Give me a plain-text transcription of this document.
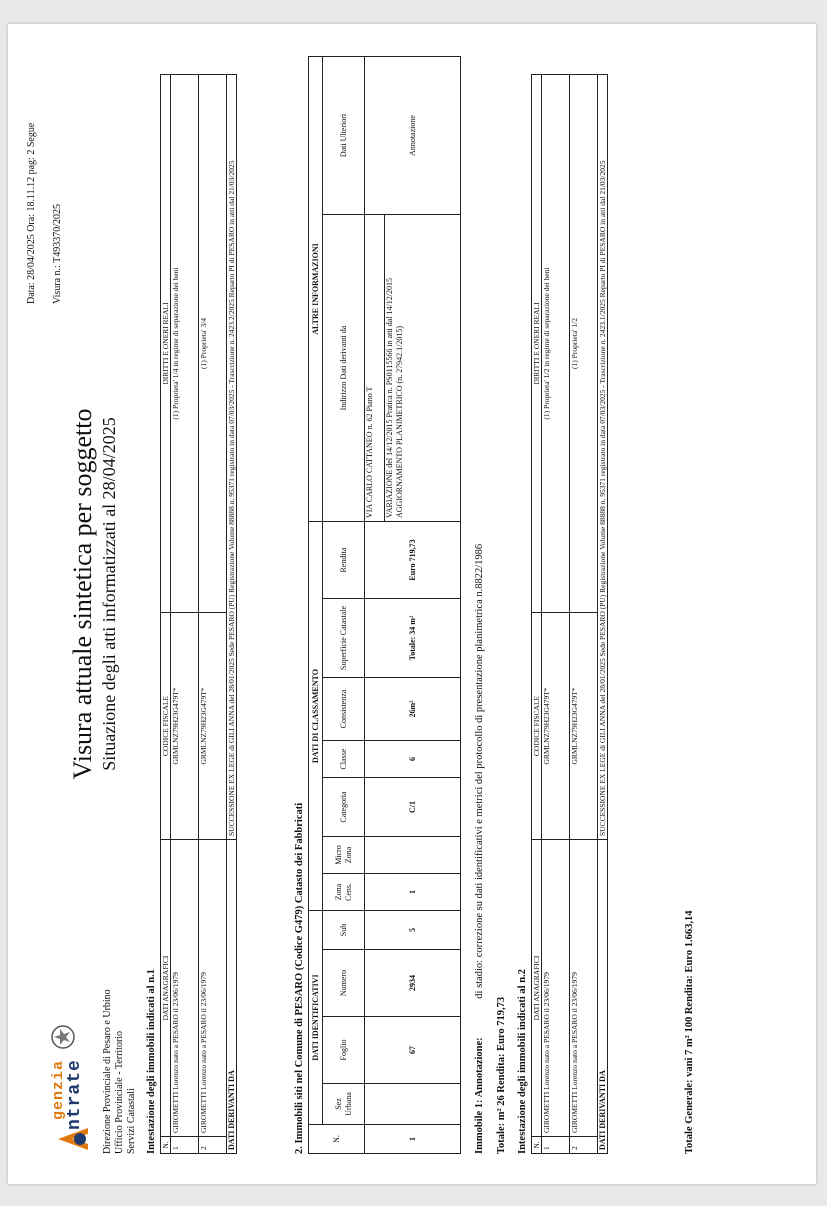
genzia
ntrate Direzione Provinciale di Pesaro e Urbino Ufficio Provinciale - Territorio Servizi Catastali
Visura attuale sintetica per soggetto Situazione degli atti informatizzati al 28/04/2025
Data: 28/04/2025 Ora: 18.11.12 pag: 2 Segue Visura n.: T493370/2025
Intestazione degli immobili indicati al n.1 N.	DATI ANAGRAFICI	CODICE FISCALE	DIRITTI E ONERI REALI
1	GIROMETTI Lorenzo nato a PESARO il 23/06/1979	GRMLNZ79H23G479T*	(1) Proprieta' 1/4 in regime di separazione dei beni
2	GIROMETTI Lorenzo nato a PESARO il 23/06/1979	GRMLNZ79H23G479T*	(1) Proprieta' 3/4
DATI DERIVANTI DA		SUCCESSIONE EX LEGE di GILI ANNA del 28/01/2025 Sede PESARO (PU) Registrazione Volume 88888 n. 95371 registrato in data 07/03/2025 - Trascrizione n. 2423.2/2025 Reparto PI di PESARO in atti dal 21/03/2025	
2. Immobili siti nel Comune di PESARO (Codice G479) Catasto dei Fabbricati	N.	DATI IDENTIFICATIVI				DATI DI CLASSAMENTO							ALTRE INFORMAZIONI	
	Sez Urbana	Foglio	Numero	Sub	Zona Cens.	Micro Zona	Categoria	Classe	Consistenza	Superficie Catastale	Rendita	Indirizzo Dati derivanti da	Dati Ulteriori
1		67	2934	5	1		C/1	6	26m²	Totale: 34 m²	Euro 719,73	VIA CARLO CATTANEO n. 62 Piano T	Annotazione
												VARIAZIONE del 14/12/2015 Pratica n. PS0115566 in atti dal 14/12/2015 AGGIORNAMENTO PLANIMETRICO (n. 27942.1/2015)	
Immobile 1: Annotazione: di stadio: correzione su dati identificativi e metrici del protocollo di presentazione planimetrica n.8822/1986
Totale: m² 26 Rendita: Euro 719,73 Intestazione degli immobili indicati al n.2 N.	DATI ANAGRAFICI	CODICE FISCALE	DIRITTI E ONERI REALI
1	GIROMETTI Lorenzo nato a PESARO il 23/06/1979	GRMLNZ79H23G479T*	(1) Proprieta' 1/2 in regime di separazione dei beni
2	GIROMETTI Lorenzo nato a PESARO il 23/06/1979	GRMLNZ79H23G479T*	(1) Proprieta' 1/2
DATI DERIVANTI DA		SUCCESSIONE EX LEGE di GILI ANNA del 28/01/2025 Sede PESARO (PU) Registrazione Volume 88888 n. 95371 registrato in data 07/03/2025 - Trascrizione n. 2423.1/2025 Reparto PI di PESARO in atti dal 21/03/2025	
Totale Generale: vani 7 m² 100 Rendita: Euro 1.663,14
